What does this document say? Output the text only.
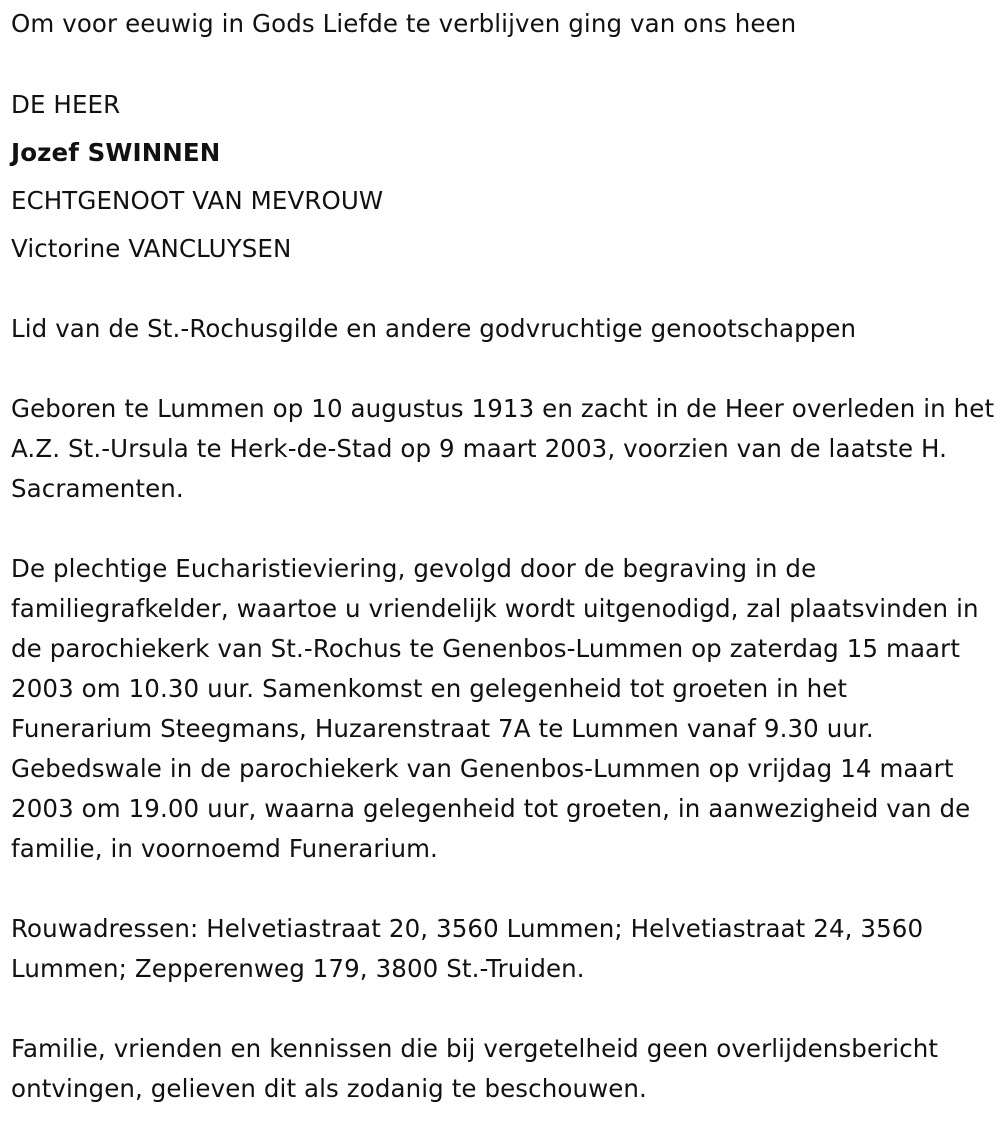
Om voor eeuwig in Gods Liefde te verblijven ging van ons heen
DE HEER
Jozef SWINNEN
ECHTGENOOT VAN MEVROUW
Victorine VANCLUYSEN
Lid van de St.-Rochusgilde en andere godvruchtige genootschappen
Geboren te Lummen op 10 augustus 1913 en zacht in de Heer overleden in het A.Z. St.-Ursula te Herk-de-Stad op 9 maart 2003, voorzien van de laatste H. Sacramenten.
De plechtige Eucharistieviering, gevolgd door de begraving in de familiegrafkelder, waartoe u vriendelijk wordt uitgenodigd, zal plaatsvinden in de parochiekerk van St.-Rochus te Genenbos-Lummen op zaterdag 15 maart 2003 om 10.30 uur. Samenkomst en gelegenheid tot groeten in het Funerarium Steegmans, Huzarenstraat 7A te Lummen vanaf 9.30 uur. Gebedswale in de parochiekerk van Genenbos-Lummen op vrijdag 14 maart 2003 om 19.00 uur, waarna gelegenheid tot groeten, in aanwezigheid van de familie, in voornoemd Funerarium.
Rouwadressen: Helvetiastraat 20, 3560 Lummen; Helvetiastraat 24, 3560 Lummen; Zepperenweg 179, 3800 St.-Truiden.
Familie, vrienden en kennissen die bij vergetelheid geen overlijdensbericht ontvingen, gelieven dit als zodanig te beschouwen.
